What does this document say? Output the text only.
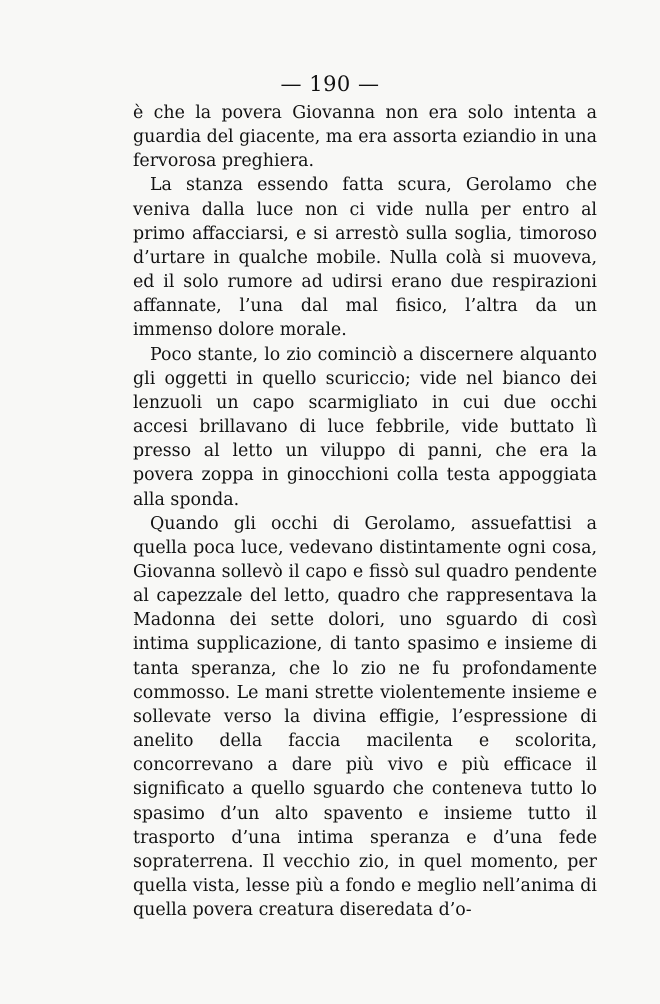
— 190 —

è che la povera Giovanna non era solo intenta a guardia del giacente, ma era assorta eziandio in una fervorosa preghiera.

La stanza essendo fatta scura, Gerolamo che veniva dalla luce non ci vide nulla per entro al primo affacciarsi, e si arrestò sulla soglia, timoroso d’urtare in qualche mobile. Nulla colà si muoveva, ed il solo rumore ad udirsi erano due respirazioni affannate, l’una dal mal fisico, l’altra da un immenso dolore morale.

Poco stante, lo zio cominciò a discernere alquanto gli oggetti in quello scuriccio; vide nel bianco dei lenzuoli un capo scarmigliato in cui due occhi accesi brillavano di luce febbrile, vide buttato lì presso al letto un viluppo di panni, che era la povera zoppa in ginocchioni colla testa appoggiata alla sponda.

Quando gli occhi di Gerolamo, assuefattisi a quella poca luce, vedevano distintamente ogni cosa, Giovanna sollevò il capo e fissò sul quadro pendente al capezzale del letto, quadro che rappresentava la Madonna dei sette dolori, uno sguardo di così intima supplicazione, di tanto spasimo e insieme di tanta speranza, che lo zio ne fu profondamente commosso. Le mani strette violentemente insieme e sollevate verso la divina effigie, l’espressione di anelito della faccia macilenta e scolorita, concorrevano a dare più vivo e più efficace il significato a quello sguardo che conteneva tutto lo spasimo d’un alto spavento e insieme tutto il trasporto d’una intima speranza e d’una fede sopraterrena. Il vecchio zio, in quel momento, per quella vista, lesse più a fondo e meglio nell’anima di quella povera creatura diseredata d’o-
